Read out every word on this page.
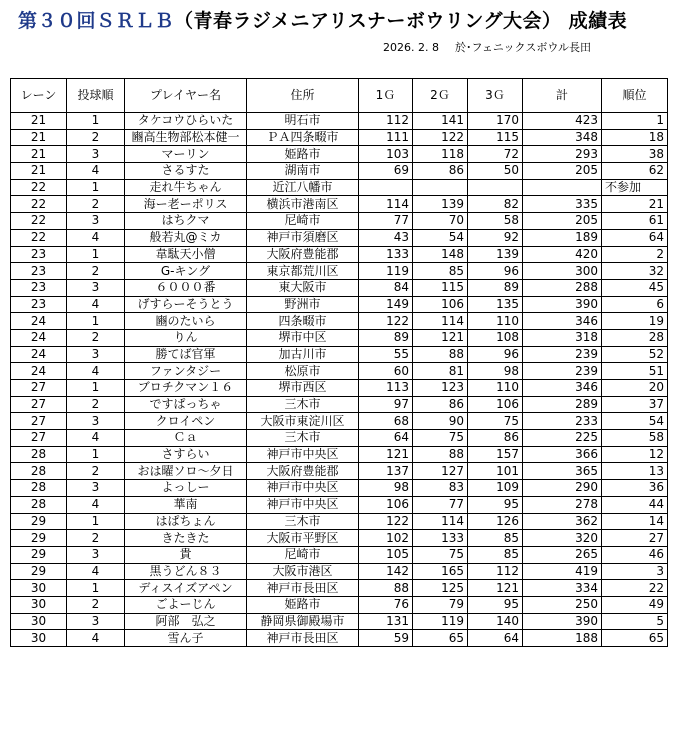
第３０回ＳＲＬＢ（青春ラジメニアリスナーボウリング大会） 成績表
2026. 2. 8 於･フェニックスボウル長田
レーン	投球順	プレイヤー名	住所	1Ｇ	2Ｇ	3Ｇ	計	順位
21	1	タケコウひらいた	明石市	112	141	170	423	1
21	2	豳高生物部松本健一	ＰＡ四条畷市	111	122	115	348	18
21	3	マーリン	姫路市	103	118	72	293	38
21	4	さるすた	湖南市	69	86	50	205	62
22	1	走れ牛ちゃん	近江八幡市					不参加
22	2	海ー老ーポリス	横浜市港南区	114	139	82	335	21
22	3	はちクマ	尼崎市	77	70	58	205	61
22	4	般若丸@ミカ	神戸市須磨区	43	54	92	189	64
23	1	韋駄天小僧	大阪府豊能郡	133	148	139	420	2
23	2	G-キング	東京都荒川区	119	85	96	300	32
23	3	６０００番	東大阪市	84	115	89	288	45
23	4	げすらーそうとう	野洲市	149	106	135	390	6
24	1	豳のたいら	四条畷市	122	114	110	346	19
24	2	りん	堺市中区	89	121	108	318	28
24	3	勝てば官軍	加古川市	55	88	96	239	52
24	4	ファンタジー	松原市	60	81	98	239	51
27	1	ブロチクマン１６	堺市西区	113	123	110	346	20
27	2	ですぱっちゃ	三木市	97	86	106	289	37
27	3	クロイペン	大阪市東淀川区	68	90	75	233	54
27	4	Ｃａ	三木市	64	75	86	225	58
28	1	さすらい	神戸市中央区	121	88	157	366	12
28	2	おは曜ソロ～夕日	大阪府豊能郡	137	127	101	365	13
28	3	よっしー	神戸市中央区	98	83	109	290	36
28	4	華南	神戸市中央区	106	77	95	278	44
29	1	はぱちょん	三木市	122	114	126	362	14
29	2	きたきた	大阪市平野区	102	133	85	320	27
29	3	貴	尼崎市	105	75	85	265	46
29	4	黒うどん８３	大阪市港区	142	165	112	419	3
30	1	ディスイズアペン	神戸市長田区	88	125	121	334	22
30	2	ごよーじん	姫路市	76	79	95	250	49
30	3	阿部　弘之	静岡県御殿場市	131	119	140	390	5
30	4	雪ん子	神戸市長田区	59	65	64	188	65
